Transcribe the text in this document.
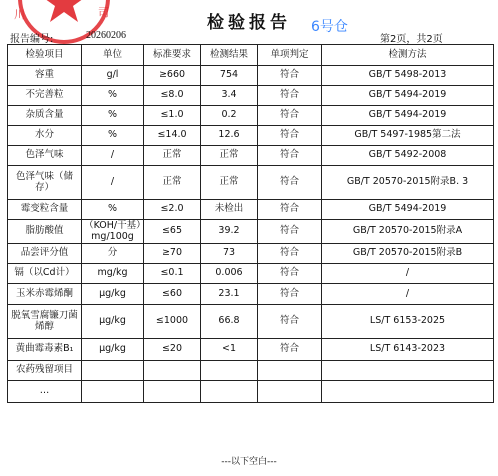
川	司
检验报告	6号仓
报告编号:	20260206	第2页，共2页
检验项目	单位	标准要求	检测结果	单项判定	检测方法
容重	g/l	≥660	754	符合	GB/T 5498-2013
不完善粒	%	≤8.0	3.4	符合	GB/T 5494-2019
杂质含量	%	≤1.0	0.2	符合	GB/T 5494-2019
水分	%	≤14.0	12.6	符合	GB/T 5497-1985第二法
色泽气味	/	正常	正常	符合	GB/T 5492-2008
色泽气味（储存）	/	正常	正常	符合	GB/T 20570-2015附录B. 3
霉变粒含量	%	≤2.0	未检出	符合	GB/T 5494-2019
脂肪酸值	（KOH/干基）mg/100g	≤65	39.2	符合	GB/T 20570-2015附录A
品尝评分值	分	≥70	73	符合	GB/T 20570-2015附录B
镉（以Cd计）	mg/kg	≤0.1	0.006	符合	/
玉米赤霉烯酮	μg/kg	≤60	23.1	符合	/
脱氧雪腐镰刀菌烯醇	μg/kg	≤1000	66.8	符合	LS/T 6153-2025
黄曲霉毒素B₁	μg/kg	≤20	<1	符合	LS/T 6143-2023
农药残留项目					
…					
---以下空白---
